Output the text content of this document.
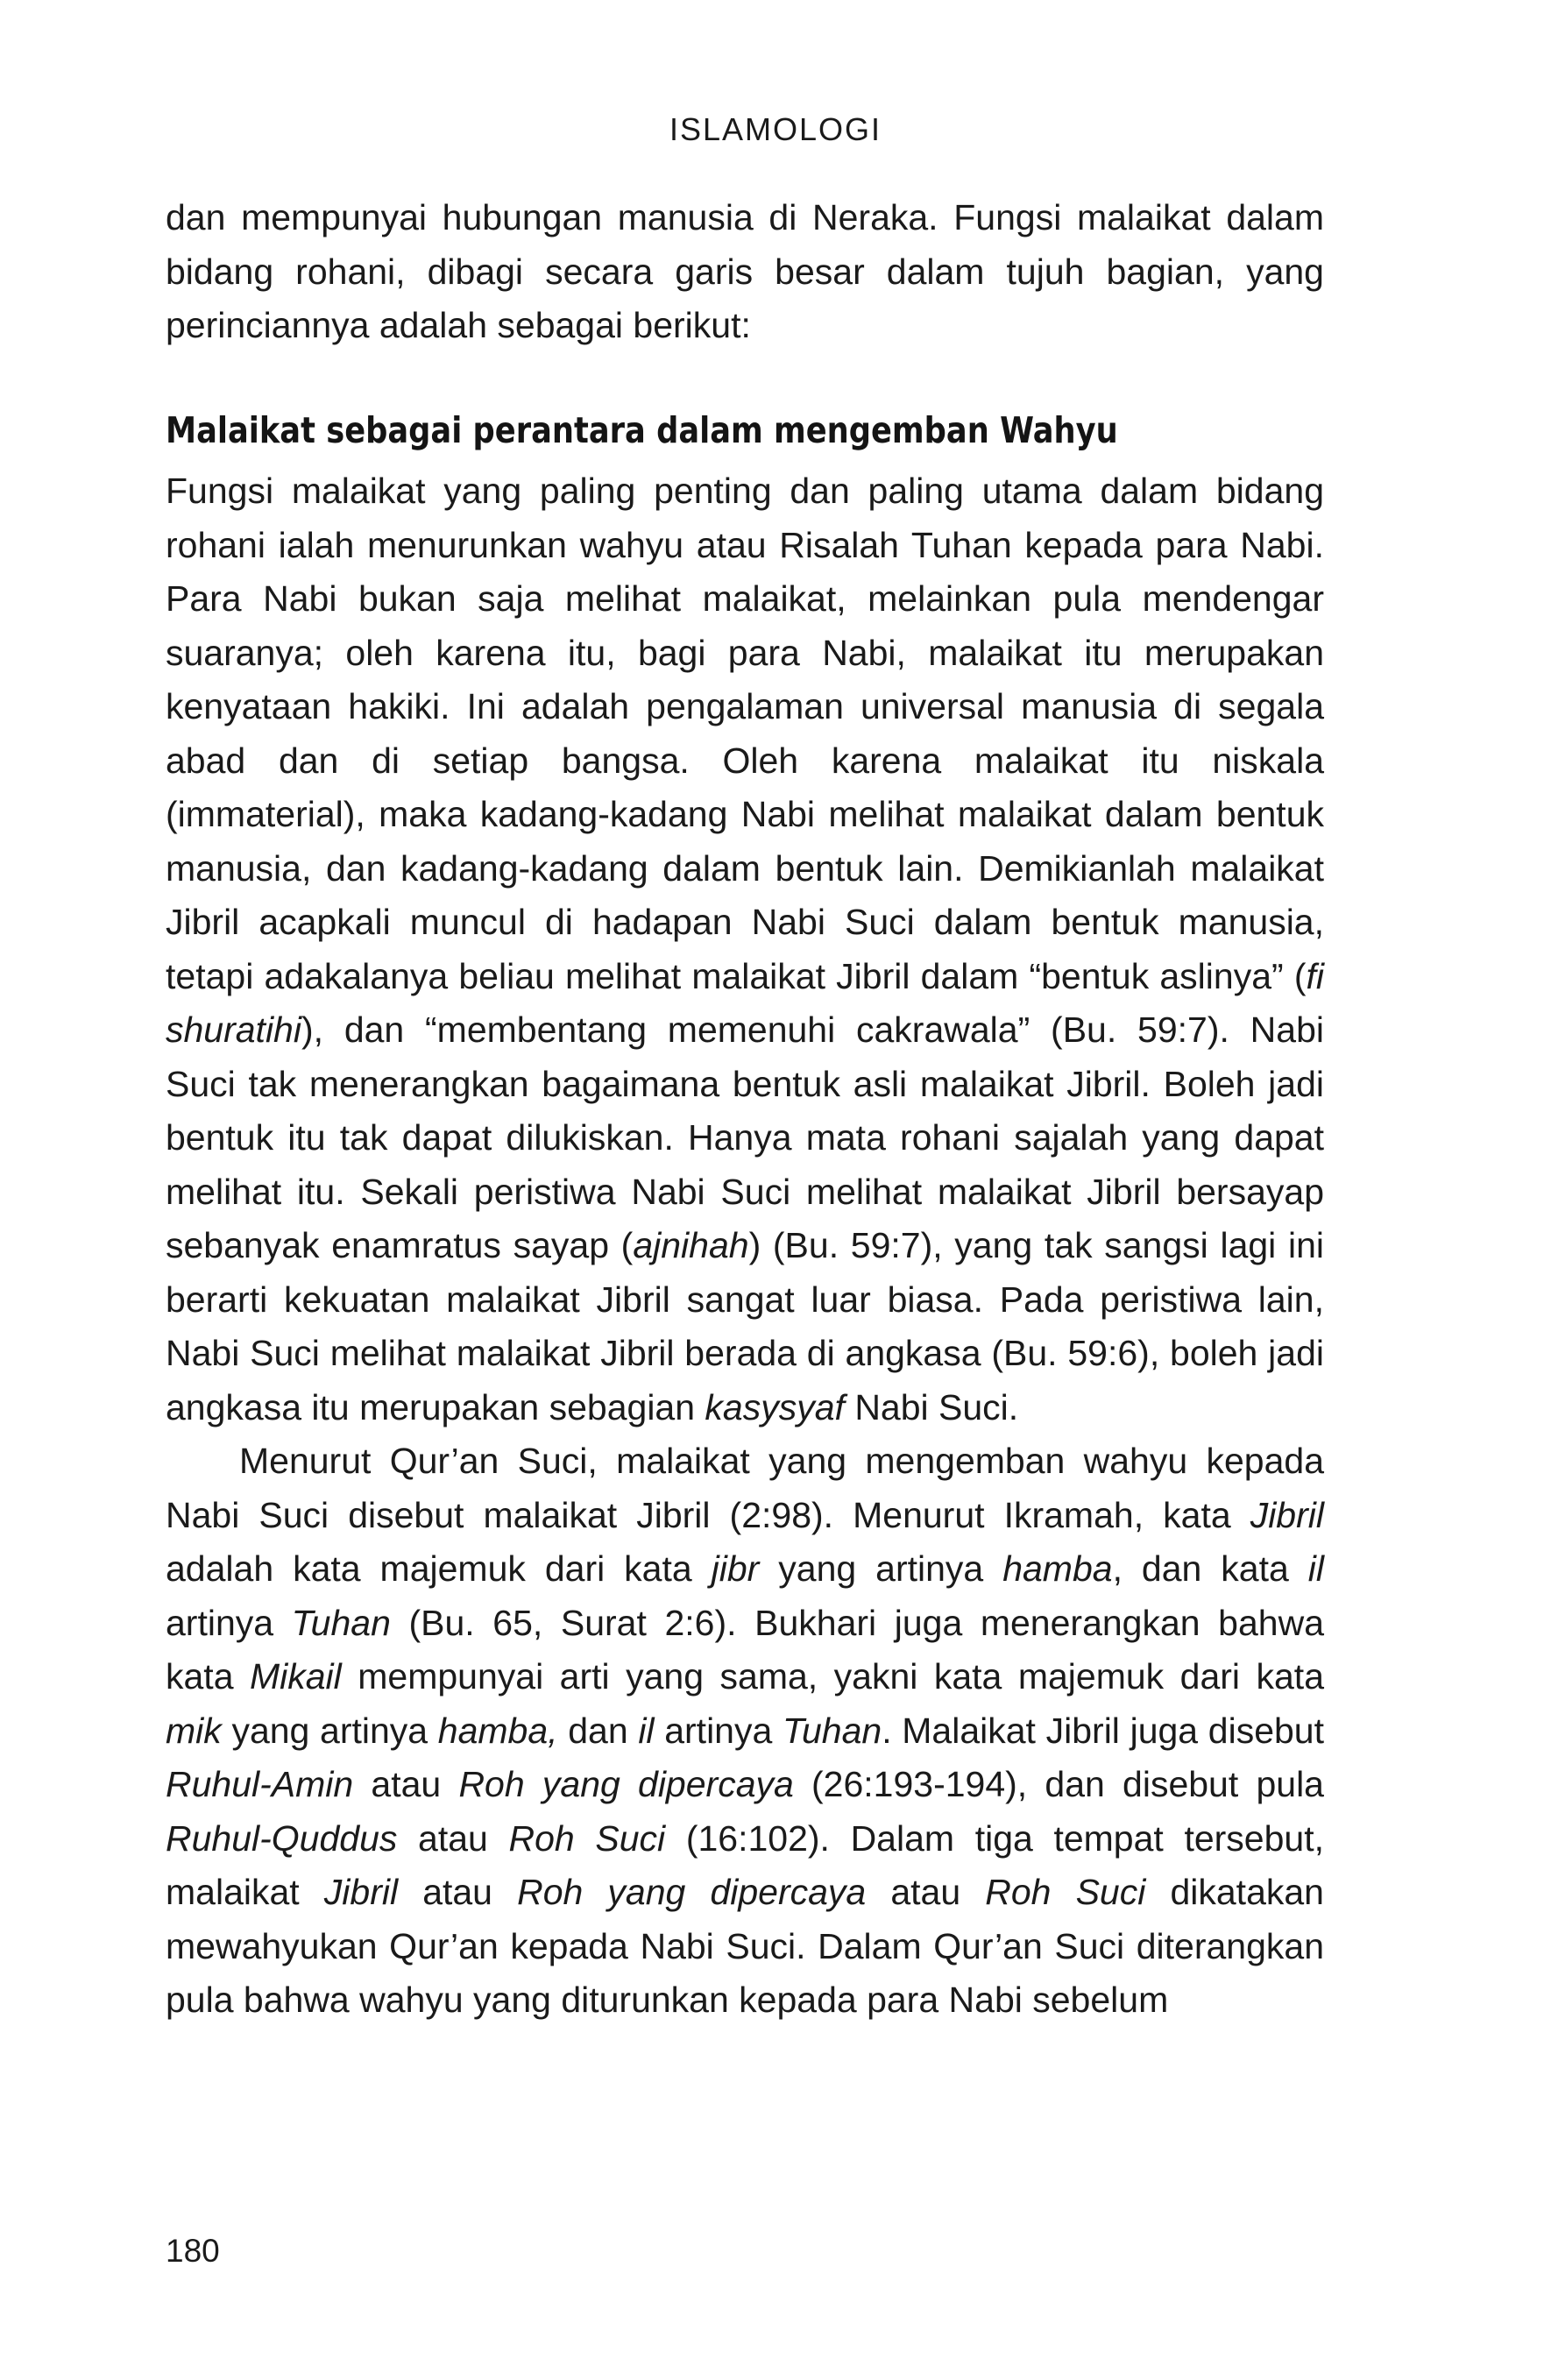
ISLAMOLOGI

dan mempunyai hubungan manusia di Neraka. Fungsi malaikat dalam bidang rohani, dibagi secara garis besar dalam tujuh bagian, yang perinciannya adalah sebagai berikut:

Malaikat sebagai perantara dalam mengemban Wahyu

Fungsi malaikat yang paling penting dan paling utama dalam bidang rohani ialah menurunkan wahyu atau Risalah Tuhan kepada para Nabi. Para Nabi bukan saja melihat malaikat, melainkan pula mendengar suaranya; oleh karena itu, bagi para Nabi, malaikat itu merupakan kenyataan hakiki. Ini adalah pengalaman universal manusia di segala abad dan di setiap bangsa. Oleh karena malaikat itu niskala (immaterial), maka kadang-kadang Nabi melihat malaikat dalam bentuk manusia, dan kadang-kadang dalam bentuk lain. Demikianlah malaikat Jibril acapkali muncul di hadapan Nabi Suci dalam bentuk manusia, tetapi adakalanya beliau melihat malaikat Jibril dalam “bentuk aslinya” (fi shuratihi), dan “membentang memenuhi cakrawala” (Bu. 59:7). Nabi Suci tak menerangkan bagaimana bentuk asli malaikat Jibril. Boleh jadi bentuk itu tak dapat dilukiskan. Hanya mata rohani sajalah yang dapat melihat itu. Sekali peristiwa Nabi Suci melihat malaikat Jibril bersayap sebanyak enamratus sayap (ajnihah) (Bu. 59:7), yang tak sangsi lagi ini berarti kekuatan malaikat Jibril sangat luar biasa. Pada peristiwa lain, Nabi Suci melihat malaikat Jibril berada di angkasa (Bu. 59:6), boleh jadi angkasa itu merupakan sebagian kasysyaf Nabi Suci.

Menurut Qur’an Suci, malaikat yang mengemban wahyu kepada Nabi Suci disebut malaikat Jibril (2:98). Menurut Ikramah, kata Jibril adalah kata majemuk dari kata jibr yang artinya hamba, dan kata il artinya Tuhan (Bu. 65, Surat 2:6). Bukhari juga menerangkan bahwa kata Mikail mempunyai arti yang sama, yakni kata majemuk dari kata mik yang artinya hamba, dan il artinya Tuhan. Malaikat Jibril juga disebut Ruhul-Amin atau Roh yang dipercaya (26:193-194), dan disebut pula Ruhul-Quddus atau Roh Suci (16:102). Dalam tiga tempat tersebut, malaikat Jibril atau Roh yang dipercaya atau Roh Suci dikatakan mewahyukan Qur’an kepada Nabi Suci. Dalam Qur’an Suci diterangkan pula bahwa wahyu yang diturunkan kepada para Nabi sebelum

180
